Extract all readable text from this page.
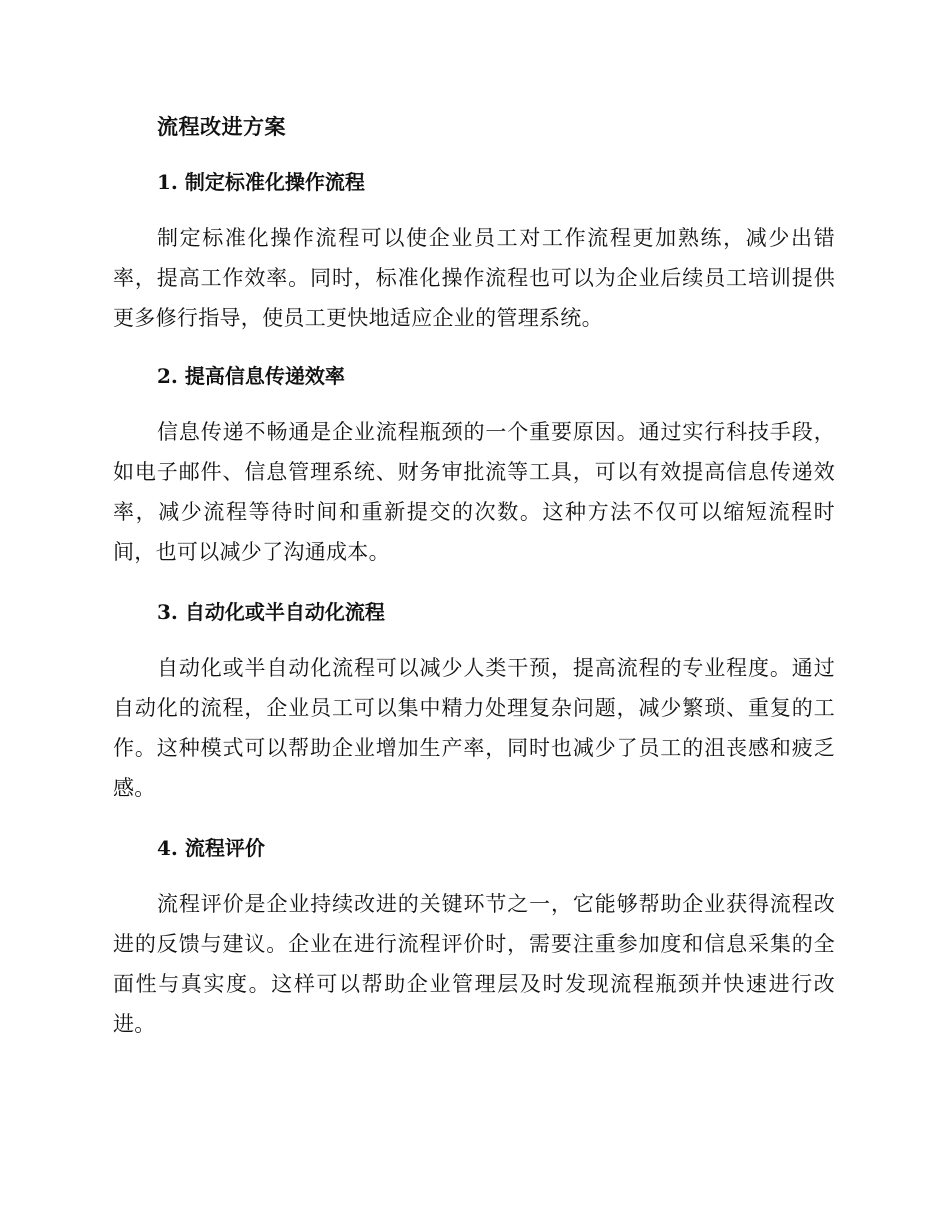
流程改进方案
1. 制定标准化操作流程

制定标准化操作流程可以使企业员工对工作流程更加熟练，减少出错率，提高工作效率。同时，标准化操作流程也可以为企业后续员工培训提供更多修行指导，使员工更快地适应企业的管理系统。

2. 提高信息传递效率

信息传递不畅通是企业流程瓶颈的一个重要原因。通过实行科技手段，如电子邮件、信息管理系统、财务审批流等工具，可以有效提高信息传递效率，减少流程等待时间和重新提交的次数。这种方法不仅可以缩短流程时间，也可以减少了沟通成本。

3. 自动化或半自动化流程

自动化或半自动化流程可以减少人类干预，提高流程的专业程度。通过自动化的流程，企业员工可以集中精力处理复杂问题，减少繁琐、重复的工作。这种模式可以帮助企业增加生产率，同时也减少了员工的沮丧感和疲乏感。

4. 流程评价

流程评价是企业持续改进的关键环节之一，它能够帮助企业获得流程改进的反馈与建议。企业在进行流程评价时，需要注重参加度和信息采集的全面性与真实度。这样可以帮助企业管理层及时发现流程瓶颈并快速进行改进。
